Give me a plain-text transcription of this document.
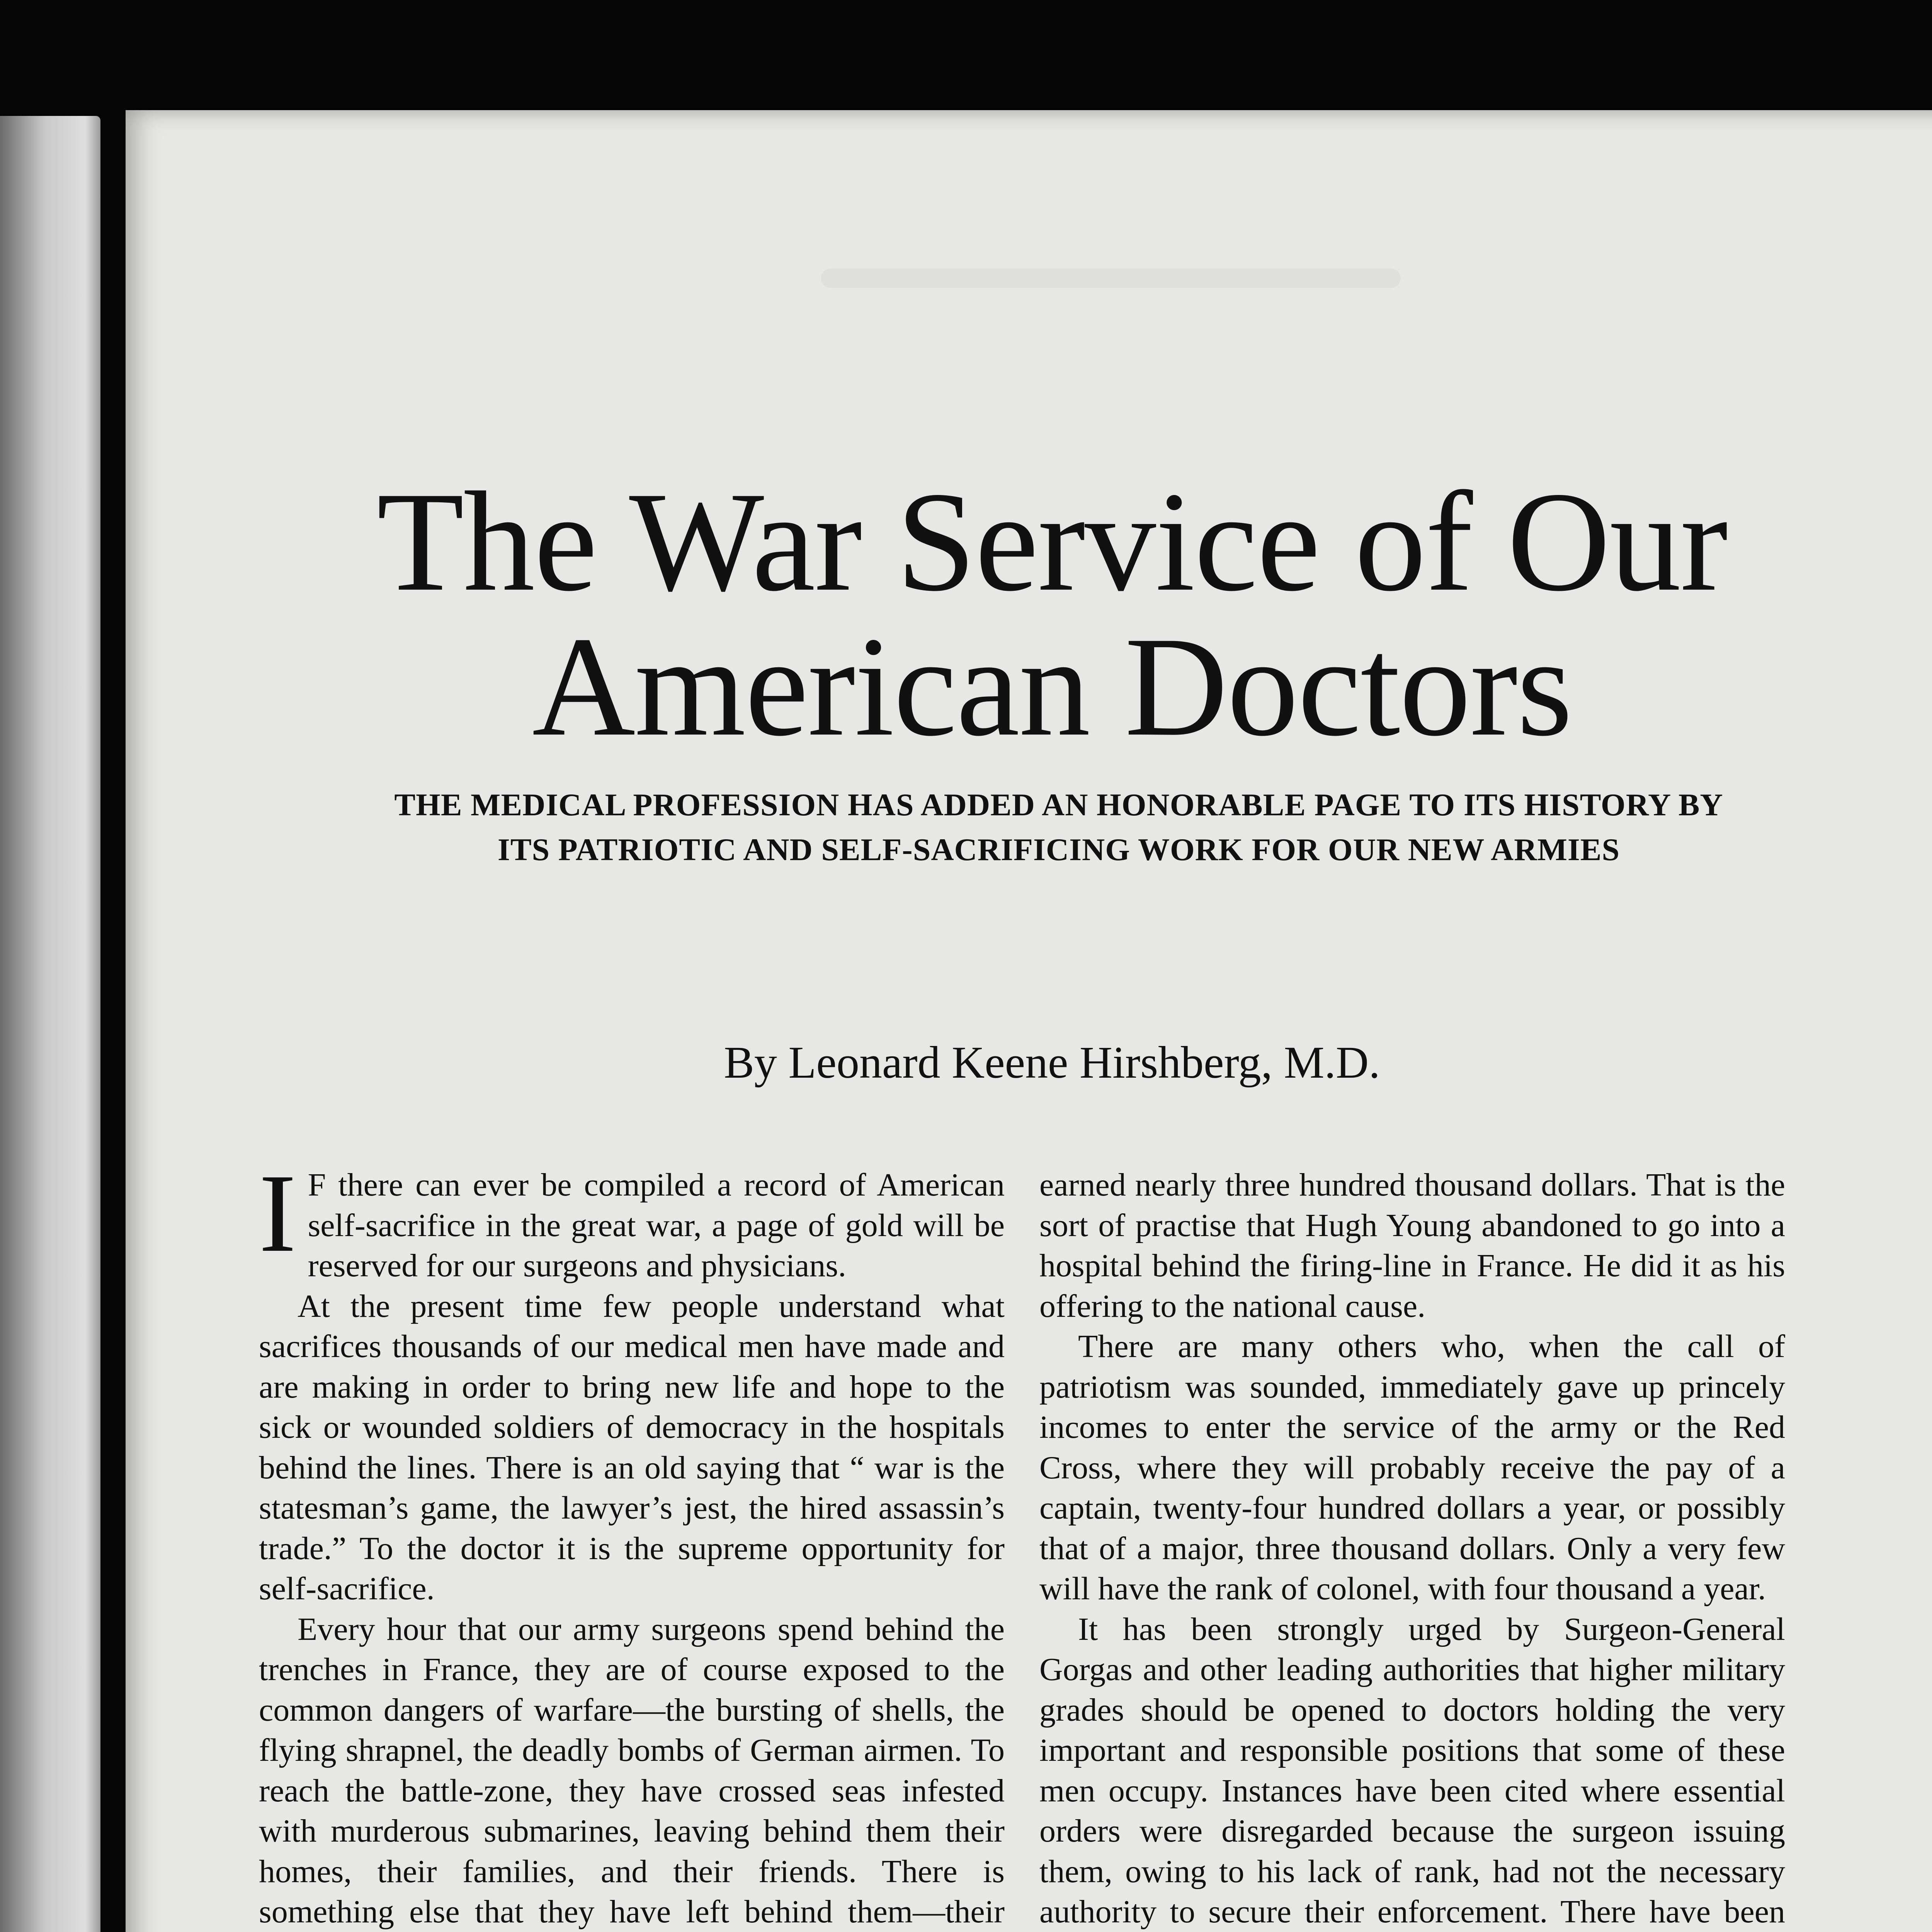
The War Service of Our
American Doctors
THE MEDICAL PROFESSION HAS ADDED AN HONORABLE PAGE TO ITS HISTORY BY
ITS PATRIOTIC AND SELF-SACRIFICING WORK FOR OUR NEW ARMIES

By Leonard Keene Hirshberg, M.D.

I F there can ever be compiled a record of American self-sacrifice in the great war, a page of gold will be reserved for our surgeons and physicians.

At the present time few people understand what sacrifices thousands of our medical men have made and are making in order to bring new life and hope to the sick or wounded soldiers of democracy in the hospitals behind the lines. There is an old saying that “ war is the statesman’s game, the lawyer’s jest, the hired assassin’s trade.” To the doctor it is the supreme opportunity for self-sacrifice.

Every hour that our army surgeons spend behind the trenches in France, they are of course exposed to the common dangers of warfare—the bursting of shells, the flying shrapnel, the deadly bombs of German airmen. To reach the battle-zone, they have crossed seas infested with murderous submarines, leaving behind them their homes, their families, and their friends. There is something else that they have left behind them—their

earned nearly three hundred thousand dollars. That is the sort of practise that Hugh Young abandoned to go into a hospital behind the firing-line in France. He did it as his offering to the national cause.

There are many others who, when the call of patriotism was sounded, immediately gave up princely incomes to enter the service of the army or the Red Cross, where they will probably receive the pay of a captain, twenty-four hundred dollars a year, or possibly that of a major, three thousand dollars. Only a very few will have the rank of colonel, with four thousand a year.

It has been strongly urged by Surgeon-General Gorgas and other leading authorities that higher military grades should be opened to doctors holding the very important and responsible positions that some of these men occupy. Instances have been cited where essential orders were disregarded because the surgeon issuing them, owing to his lack of rank, had not the necessary authority to secure their enforcement. There have been
